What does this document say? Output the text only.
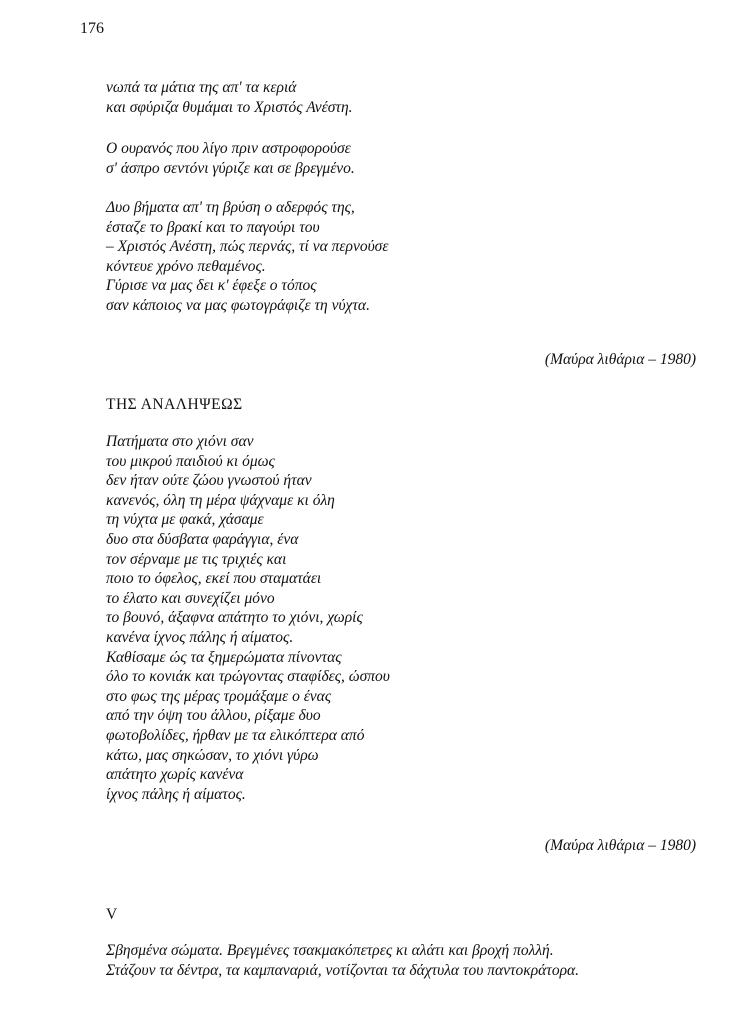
176
νωπά τα μάτια της απ' τα κεριά
και σφύριζα θυμάμαι το Χριστός Ανέστη.
Ο ουρανός που λίγο πριν αστροφορούσε
σ' άσπρο σεντόνι γύριζε και σε βρεγμένο.
Δυο βήματα απ' τη βρύση ο αδερφός της,
έσταζε το βρακί και το παγούρι του
– Χριστός Ανέστη, πώς περνάς, τί να περνούσε
κόντευε χρόνο πεθαμένος.
Γύρισε να μας δει κ' έφεξε ο τόπος
σαν κάποιος να μας φωτογράφιζε τη νύχτα.
(Μαύρα λιθάρια – 1980)
ΤΗΣ ΑΝΑΛΗΨΕΩΣ
Πατήματα στο χιόνι σαν
του μικρού παιδιού κι όμως
δεν ήταν ούτε ζώου γνωστού ήταν
κανενός, όλη τη μέρα ψάχναμε κι όλη
τη νύχτα με φακά, χάσαμε
δυο στα δύσβατα φαράγγια, ένα
τον σέρναμε με τις τριχιές και
ποιο το όφελος, εκεί που σταματάει
το έλατο και συνεχίζει μόνο
το βουνό, άξαφνα απάτητο το χιόνι, χωρίς
κανένα ίχνος πάλης ή αίματος.
Καθίσαμε ώς τα ξημερώματα πίνοντας
όλο το κονιάκ και τρώγοντας σταφίδες, ώσπου
στο φως της μέρας τρομάξαμε ο ένας
από την όψη του άλλου, ρίξαμε δυο
φωτοβολίδες, ήρθαν με τα ελικόπτερα από
κάτω, μας σηκώσαν, το χιόνι γύρω
απάτητο χωρίς κανένα
ίχνος πάλης ή αίματος.
(Μαύρα λιθάρια – 1980)
V
Σβησμένα σώματα. Βρεγμένες τσακμακόπετρες κι αλάτι και βροχή πολλή.
Στάζουν τα δέντρα, τα καμπαναριά, νοτίζονται τα δάχτυλα του παντοκράτορα.
